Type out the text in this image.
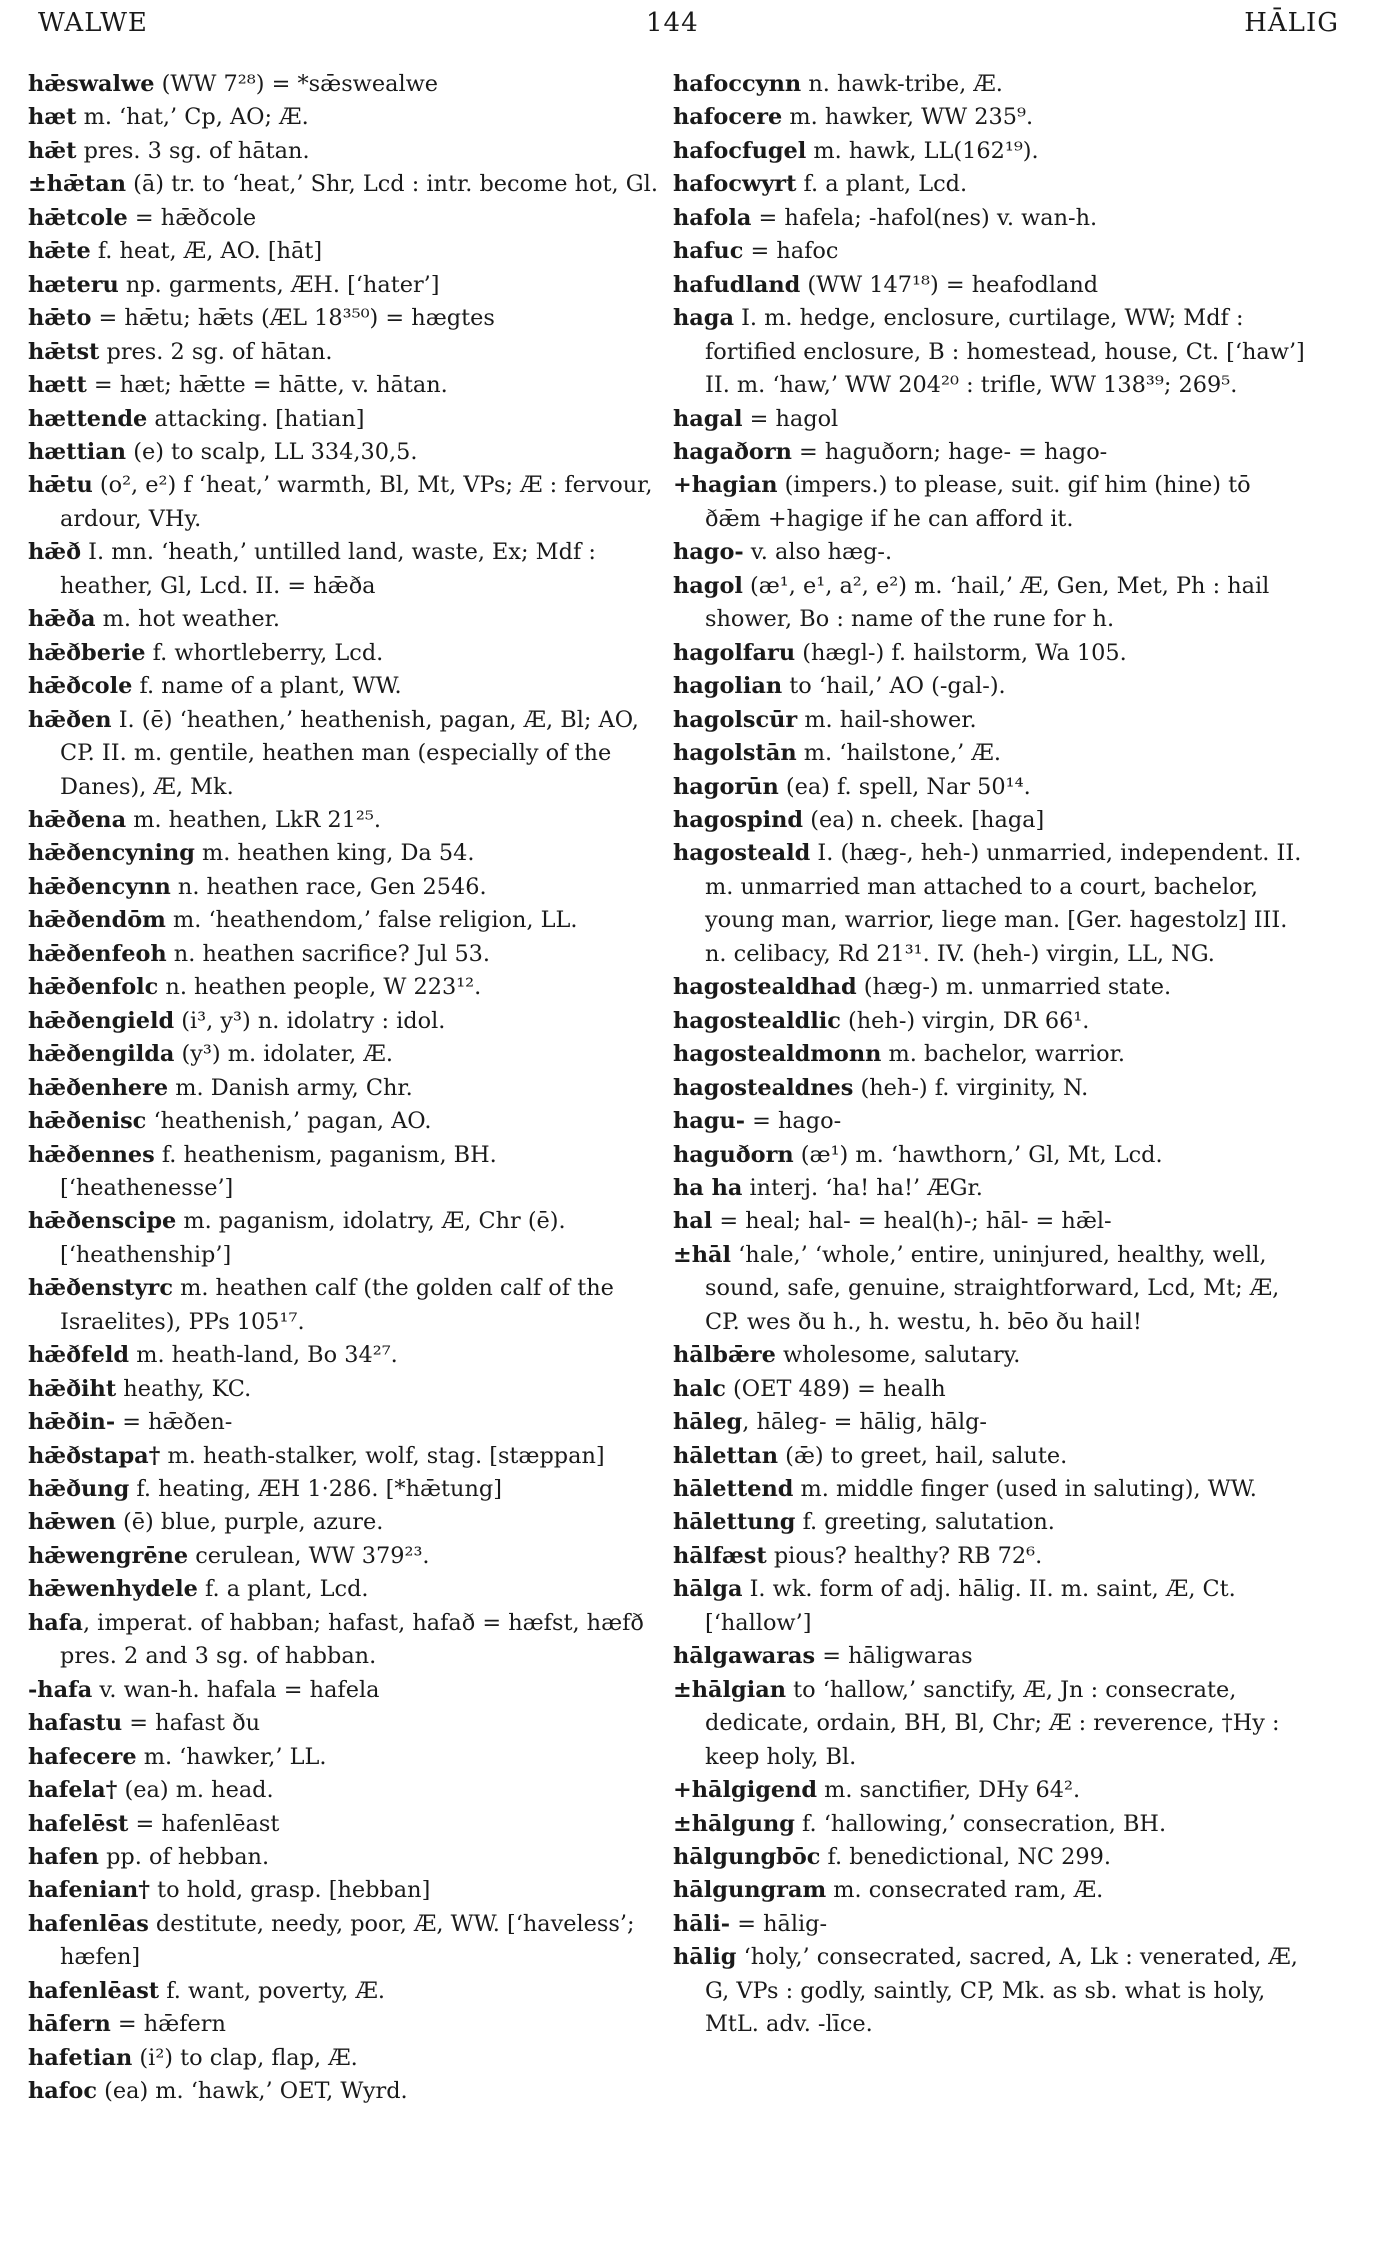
WALWE	144	HĀLIG

hǣswalwe (WW 7²⁸) = *sǣswealwe

hæt m. ‘hat,’ Cp, AO; Æ.

hǣt pres. 3 sg. of hātan.

±hǣtan (ā) tr. to ‘heat,’ Shr, Lcd : intr. become hot, Gl.

hǣtcole = hǣðcole

hǣte f. heat, Æ, AO. [hāt]

hæteru np. garments, ÆH. [‘hater’]

hǣto = hǣtu; hǣts (ÆL 18³⁵⁰) = hægtes

hǣtst pres. 2 sg. of hātan.

hætt = hæt; hǣtte = hātte, v. hātan.

hættende attacking. [hatian]

hættian (e) to scalp, LL 334,30,5.

hǣtu (o², e²) f ‘heat,’ warmth, Bl, Mt, VPs; Æ : fervour, ardour, VHy.

hǣð I. mn. ‘heath,’ untilled land, waste, Ex; Mdf : heather, Gl, Lcd. II. = hǣða

hǣða m. hot weather.

hǣðberie f. whortleberry, Lcd.

hǣðcole f. name of a plant, WW.

hǣðen I. (ē) ‘heathen,’ heathenish, pagan, Æ, Bl; AO, CP. II. m. gentile, heathen man (especially of the Danes), Æ, Mk.

hǣðena m. heathen, LkR 21²⁵.

hǣðencyning m. heathen king, Da 54.

hǣðencynn n. heathen race, Gen 2546.

hǣðendōm m. ‘heathendom,’ false religion, LL.

hǣðenfeoh n. heathen sacrifice? Jul 53.

hǣðenfolc n. heathen people, W 223¹².

hǣðengield (i³, y³) n. idolatry : idol.

hǣðengilda (y³) m. idolater, Æ.

hǣðenhere m. Danish army, Chr.

hǣðenisc ‘heathenish,’ pagan, AO.

hǣðennes f. heathenism, paganism, BH. [‘heathenesse’]

hǣðenscipe m. paganism, idolatry, Æ, Chr (ē). [‘heathenship’]

hǣðenstyrc m. heathen calf (the golden calf of the Israelites), PPs 105¹⁷.

hǣðfeld m. heath-land, Bo 34²⁷.

hǣðiht heathy, KC.

hǣðin- = hǣðen-

hǣðstapa† m. heath-stalker, wolf, stag. [stæppan]

hǣðung f. heating, ÆH 1·286. [*hǣtung]

hǣwen (ē) blue, purple, azure.

hǣwengrēne cerulean, WW 379²³.

hǣwenhydele f. a plant, Lcd.

hafa, imperat. of habban; hafast, hafað = hæfst, hæfð pres. 2 and 3 sg. of habban.

-hafa v. wan-h. hafala = hafela

hafastu = hafast ðu

hafecere m. ‘hawker,’ LL.

hafela† (ea) m. head.

hafelēst = hafenlēast

hafen pp. of hebban.

hafenian† to hold, grasp. [hebban]

hafenlēas destitute, needy, poor, Æ, WW. [‘haveless’; hæfen]

hafenlēast f. want, poverty, Æ.

hāfern = hǣfern

hafetian (i²) to clap, flap, Æ.

hafoc (ea) m. ‘hawk,’ OET, Wyrd.

hafoccynn n. hawk-tribe, Æ.

hafocere m. hawker, WW 235⁹.

hafocfugel m. hawk, LL(162¹⁹).

hafocwyrt f. a plant, Lcd.

hafola = hafela; -hafol(nes) v. wan-h.

hafuc = hafoc

hafudland (WW 147¹⁸) = heafodland

haga I. m. hedge, enclosure, curtilage, WW; Mdf : fortified enclosure, B : homestead, house, Ct. [‘haw’] II. m. ‘haw,’ WW 204²⁰ : trifle, WW 138³⁹; 269⁵.

hagal = hagol

hagaðorn = haguðorn; hage- = hago-

+hagian (impers.) to please, suit. gif him (hine) tō ðǣm +hagige if he can afford it.

hago- v. also hæg-.

hagol (æ¹, e¹, a², e²) m. ‘hail,’ Æ, Gen, Met, Ph : hail shower, Bo : name of the rune for h.

hagolfaru (hægl-) f. hailstorm, Wa 105.

hagolian to ‘hail,’ AO (-gal-).

hagolscūr m. hail-shower.

hagolstān m. ‘hailstone,’ Æ.

hagorūn (ea) f. spell, Nar 50¹⁴.

hagospind (ea) n. cheek. [haga]

hagosteald I. (hæg-, heh-) unmarried, independent. II. m. unmarried man attached to a court, bachelor, young man, warrior, liege man. [Ger. hagestolz] III. n. celibacy, Rd 21³¹. IV. (heh-) virgin, LL, NG.

hagostealdhad (hæg-) m. unmarried state.

hagostealdlic (heh-) virgin, DR 66¹.

hagostealdmonn m. bachelor, warrior.

hagostealdnes (heh-) f. virginity, N.

hagu- = hago-

haguðorn (æ¹) m. ‘hawthorn,’ Gl, Mt, Lcd.

ha ha interj. ‘ha! ha!’ ÆGr.

hal = heal; hal- = heal(h)-; hāl- = hǣl-

±hāl ‘hale,’ ‘whole,’ entire, uninjured, healthy, well, sound, safe, genuine, straightforward, Lcd, Mt; Æ, CP. wes ðu h., h. westu, h. bēo ðu hail!

hālbǣre wholesome, salutary.

halc (OET 489) = healh

hāleg, hāleg- = hālig, hālg-

hālettan (ǣ) to greet, hail, salute.

hālettend m. middle finger (used in saluting), WW.

hālettung f. greeting, salutation.

hālfæst pious? healthy? RB 72⁶.

hālga I. wk. form of adj. hālig. II. m. saint, Æ, Ct. [‘hallow’]

hālgawaras = hāligwaras

±hālgian to ‘hallow,’ sanctify, Æ, Jn : consecrate, dedicate, ordain, BH, Bl, Chr; Æ : reverence, †Hy : keep holy, Bl.

+hālgigend m. sanctifier, DHy 64².

±hālgung f. ‘hallowing,’ consecration, BH.

hālgungbōc f. benedictional, NC 299.

hālgungram m. consecrated ram, Æ.

hāli- = hālig-

hālig ‘holy,’ consecrated, sacred, A, Lk : venerated, Æ, G, VPs : godly, saintly, CP, Mk. as sb. what is holy, MtL. adv. -līce.
